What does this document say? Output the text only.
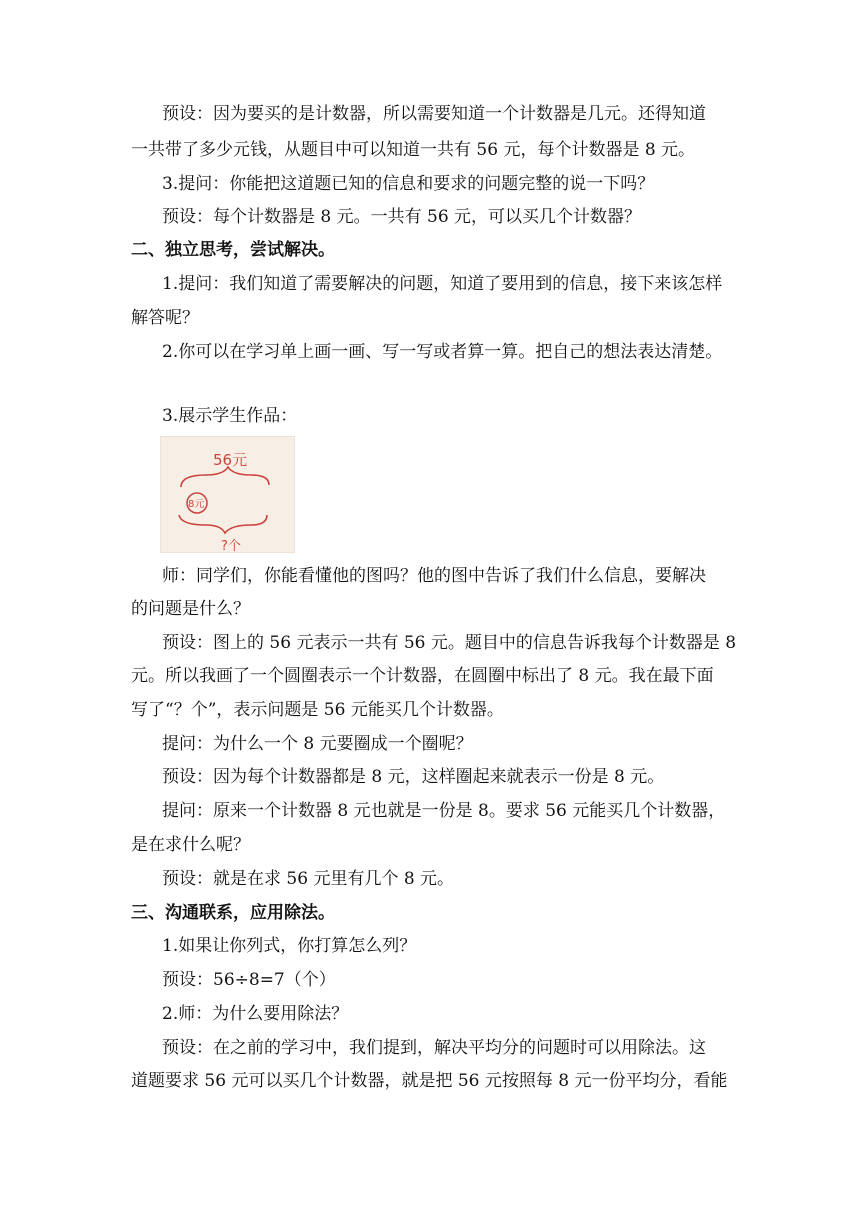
预设：因为要买的是计数器，所以需要知道一个计数器是几元。还得知道
一共带了多少元钱，从题目中可以知道一共有 56 元，每个计数器是 8 元。
3.提问：你能把这道题已知的信息和要求的问题完整的说一下吗？
预设：每个计数器是 8 元。一共有 56 元，可以买几个计数器？
二、独立思考，尝试解决。
1.提问：我们知道了需要解决的问题，知道了要用到的信息，接下来该怎样
解答呢？
2.你可以在学习单上画一画、写一写或者算一算。把自己的想法表达清楚。
3.展示学生作品：
56元
8元
?个
师：同学们，你能看懂他的图吗？他的图中告诉了我们什么信息，要解决
的问题是什么？
预设：图上的 56 元表示一共有 56 元。题目中的信息告诉我每个计数器是 8
元。所以我画了一个圆圈表示一个计数器，在圆圈中标出了 8 元。我在最下面
写了“？个”，表示问题是 56 元能买几个计数器。
提问：为什么一个 8 元要圈成一个圈呢？
预设：因为每个计数器都是 8 元，这样圈起来就表示一份是 8 元。
提问：原来一个计数器 8 元也就是一份是 8。要求 56 元能买几个计数器，
是在求什么呢？
预设：就是在求 56 元里有几个 8 元。
三、沟通联系，应用除法。
1.如果让你列式，你打算怎么列？
预设：56÷8=7（个）
2.师：为什么要用除法？
预设：在之前的学习中，我们提到，解决平均分的问题时可以用除法。这
道题要求 56 元可以买几个计数器，就是把 56 元按照每 8 元一份平均分，看能
